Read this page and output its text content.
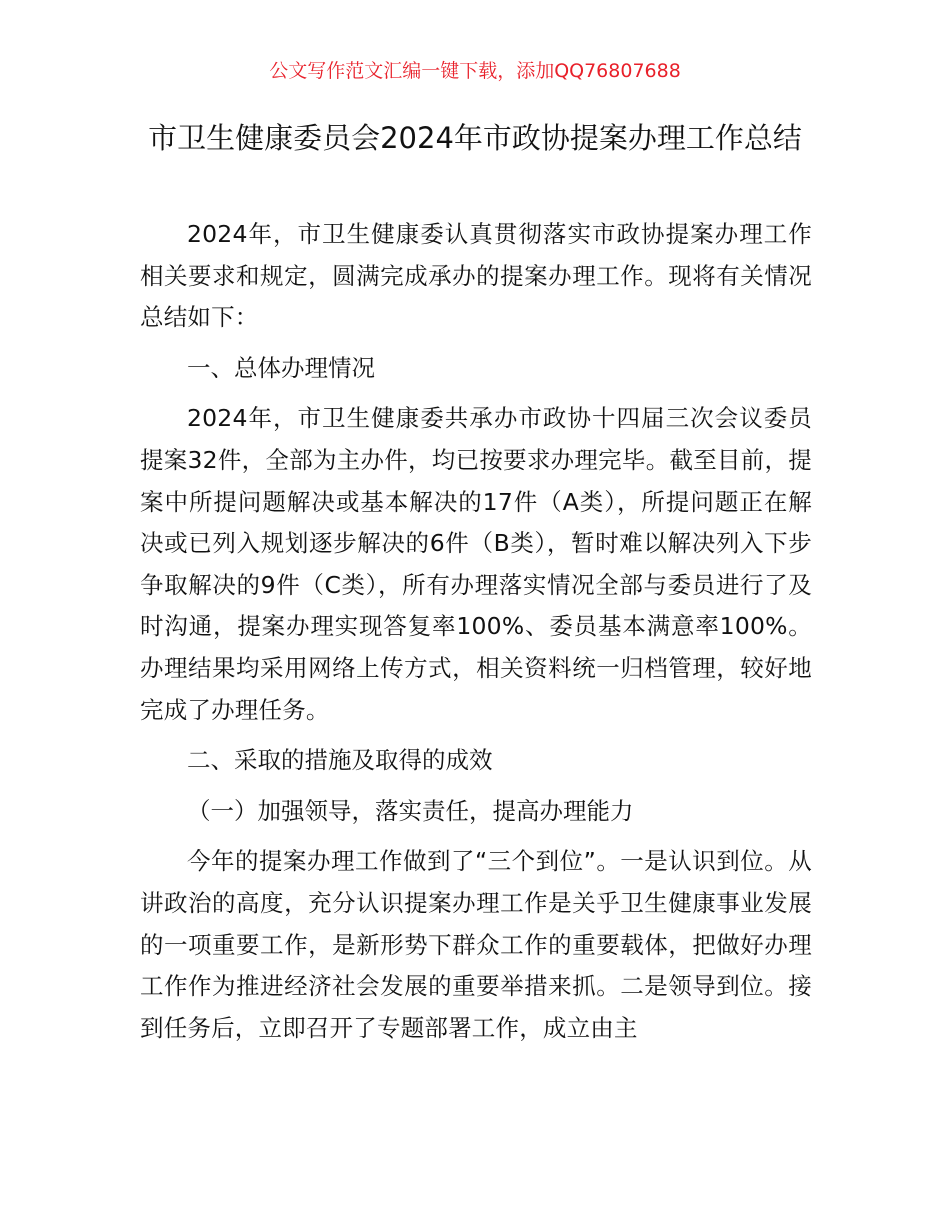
公文写作范文汇编一键下载，添加QQ76807688
市卫生健康委员会2024年市政协提案办理工作总结

2024年，市卫生健康委认真贯彻落实市政协提案办理工作相关要求和规定，圆满完成承办的提案办理工作。现将有关情况总结如下：

一、总体办理情况

2024年，市卫生健康委共承办市政协十四届三次会议委员提案32件，全部为主办件，均已按要求办理完毕。截至目前，提案中所提问题解决或基本解决的17件（A类），所提问题正在解决或已列入规划逐步解决的6件（B类），暂时难以解决列入下步争取解决的9件（C类），所有办理落实情况全部与委员进行了及时沟通，提案办理实现答复率100%、委员基本满意率100%。办理结果均采用网络上传方式，相关资料统一归档管理，较好地完成了办理任务。

二、采取的措施及取得的成效

（一）加强领导，落实责任，提高办理能力

今年的提案办理工作做到了“三个到位”。一是认识到位。从讲政治的高度，充分认识提案办理工作是关乎卫生健康事业发展的一项重要工作，是新形势下群众工作的重要载体，把做好办理工作作为推进经济社会发展的重要举措来抓。二是领导到位。接到任务后，立即召开了专题部署工作，成立由主
